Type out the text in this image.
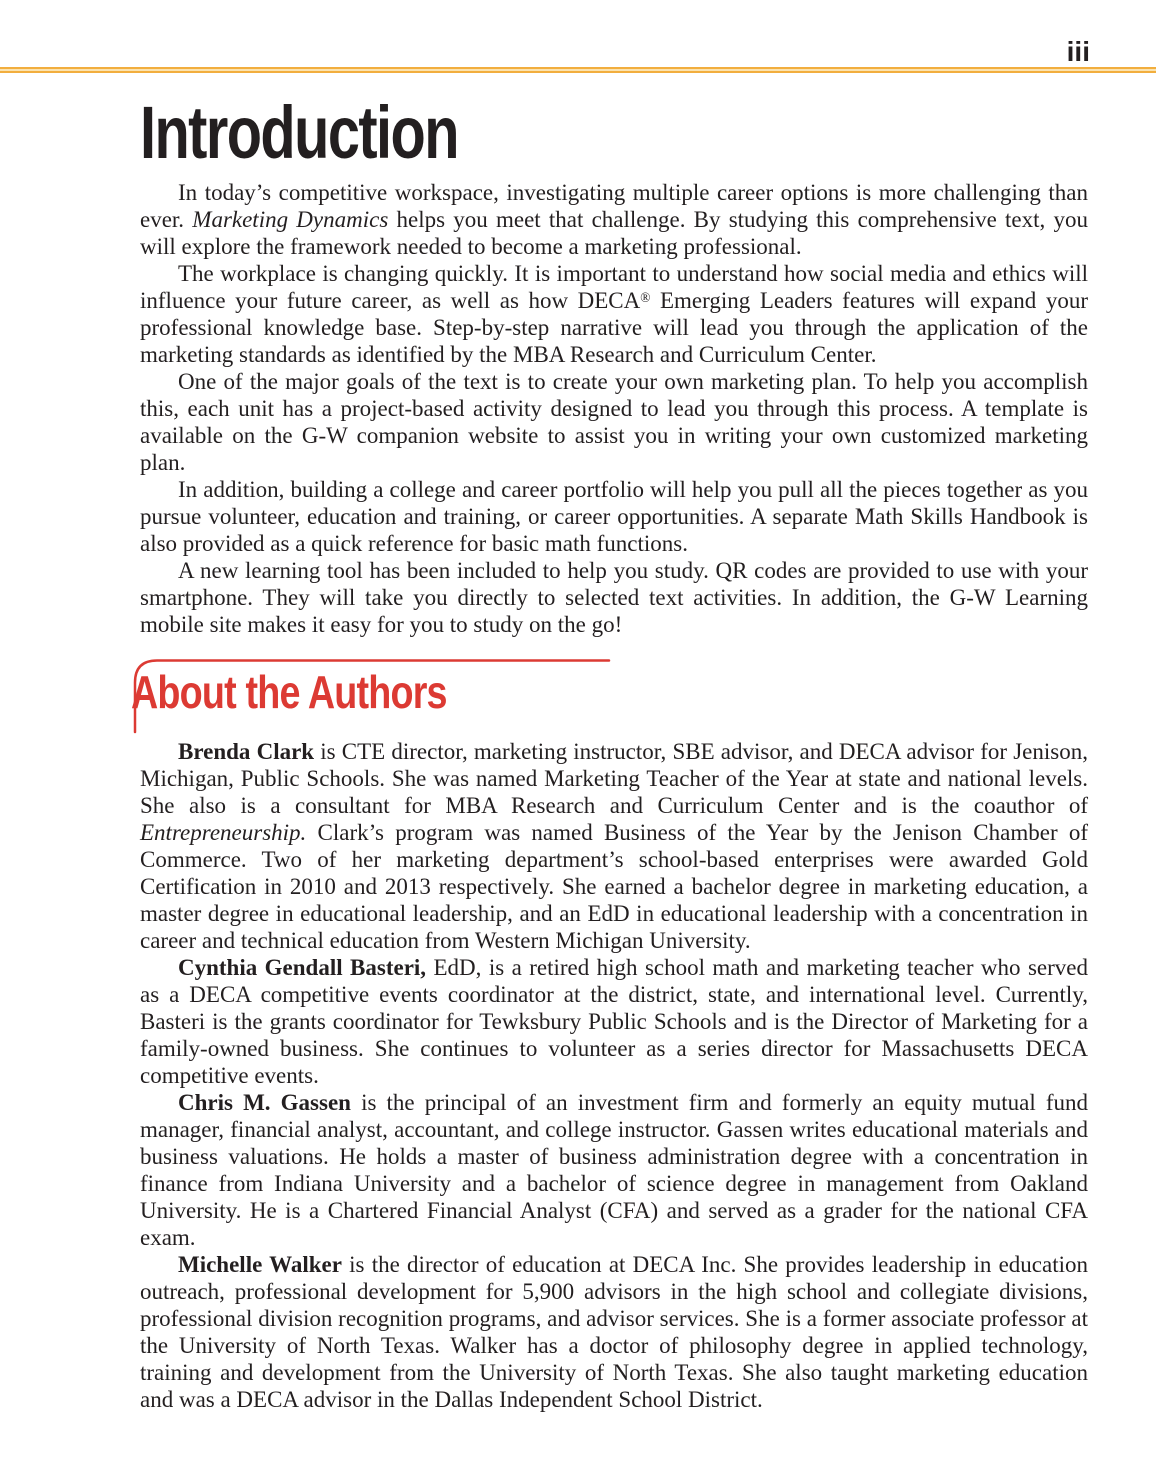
iii
Introduction

In today’s competitive workspace, investigating multiple career options is more challenging than ever. Marketing Dynamics helps you meet that challenge. By studying this comprehensive text, you will explore the framework needed to become a marketing professional.

The workplace is changing quickly. It is important to understand how social media and ethics will influence your future career, as well as how DECA® Emerging Leaders features will expand your professional knowledge base. Step-by-step narrative will lead you through the application of the marketing standards as identified by the MBA Research and Curriculum Center.

One of the major goals of the text is to create your own marketing plan. To help you accomplish this, each unit has a project-based activity designed to lead you through this process. A template is available on the G-W companion website to assist you in writing your own customized marketing plan.

In addition, building a college and career portfolio will help you pull all the pieces together as you pursue volunteer, education and training, or career opportunities. A separate Math Skills Handbook is also provided as a quick reference for basic math functions.

A new learning tool has been included to help you study. QR codes are provided to use with your smartphone. They will take you directly to selected text activities. In addition, the G-W Learning mobile site makes it easy for you to study on the go!

About the Authors

Brenda Clark is CTE director, marketing instructor, SBE advisor, and DECA advisor for Jenison, Michigan, Public Schools. She was named Marketing Teacher of the Year at state and national levels. She also is a consultant for MBA Research and Curriculum Center and is the coauthor of Entrepreneurship. Clark’s program was named Business of the Year by the Jenison Chamber of Commerce. Two of her marketing department’s school-based enterprises were awarded Gold Certification in 2010 and 2013 respectively. She earned a bachelor degree in marketing education, a master degree in educational leadership, and an EdD in educational leadership with a concentration in career and technical education from Western Michigan University.

Cynthia Gendall Basteri, EdD, is a retired high school math and marketing teacher who served as a DECA competitive events coordinator at the district, state, and international level. Currently, Basteri is the grants coordinator for Tewksbury Public Schools and is the Director of Marketing for a family-owned business. She continues to volunteer as a series director for Massachusetts DECA competitive events.

Chris M. Gassen is the principal of an investment firm and formerly an equity mutual fund manager, financial analyst, accountant, and college instructor. Gassen writes educational materials and business valuations. He holds a master of business administration degree with a concentration in finance from Indiana University and a bachelor of science degree in management from Oakland University. He is a Chartered Financial Analyst (CFA) and served as a grader for the national CFA exam.

Michelle Walker is the director of education at DECA Inc. She provides leadership in education outreach, professional development for 5,900 advisors in the high school and collegiate divisions, professional division recognition programs, and advisor services. She is a former associate professor at the University of North Texas. Walker has a doctor of philosophy degree in applied technology, training and development from the University of North Texas. She also taught marketing education and was a DECA advisor in the Dallas Independent School District.
